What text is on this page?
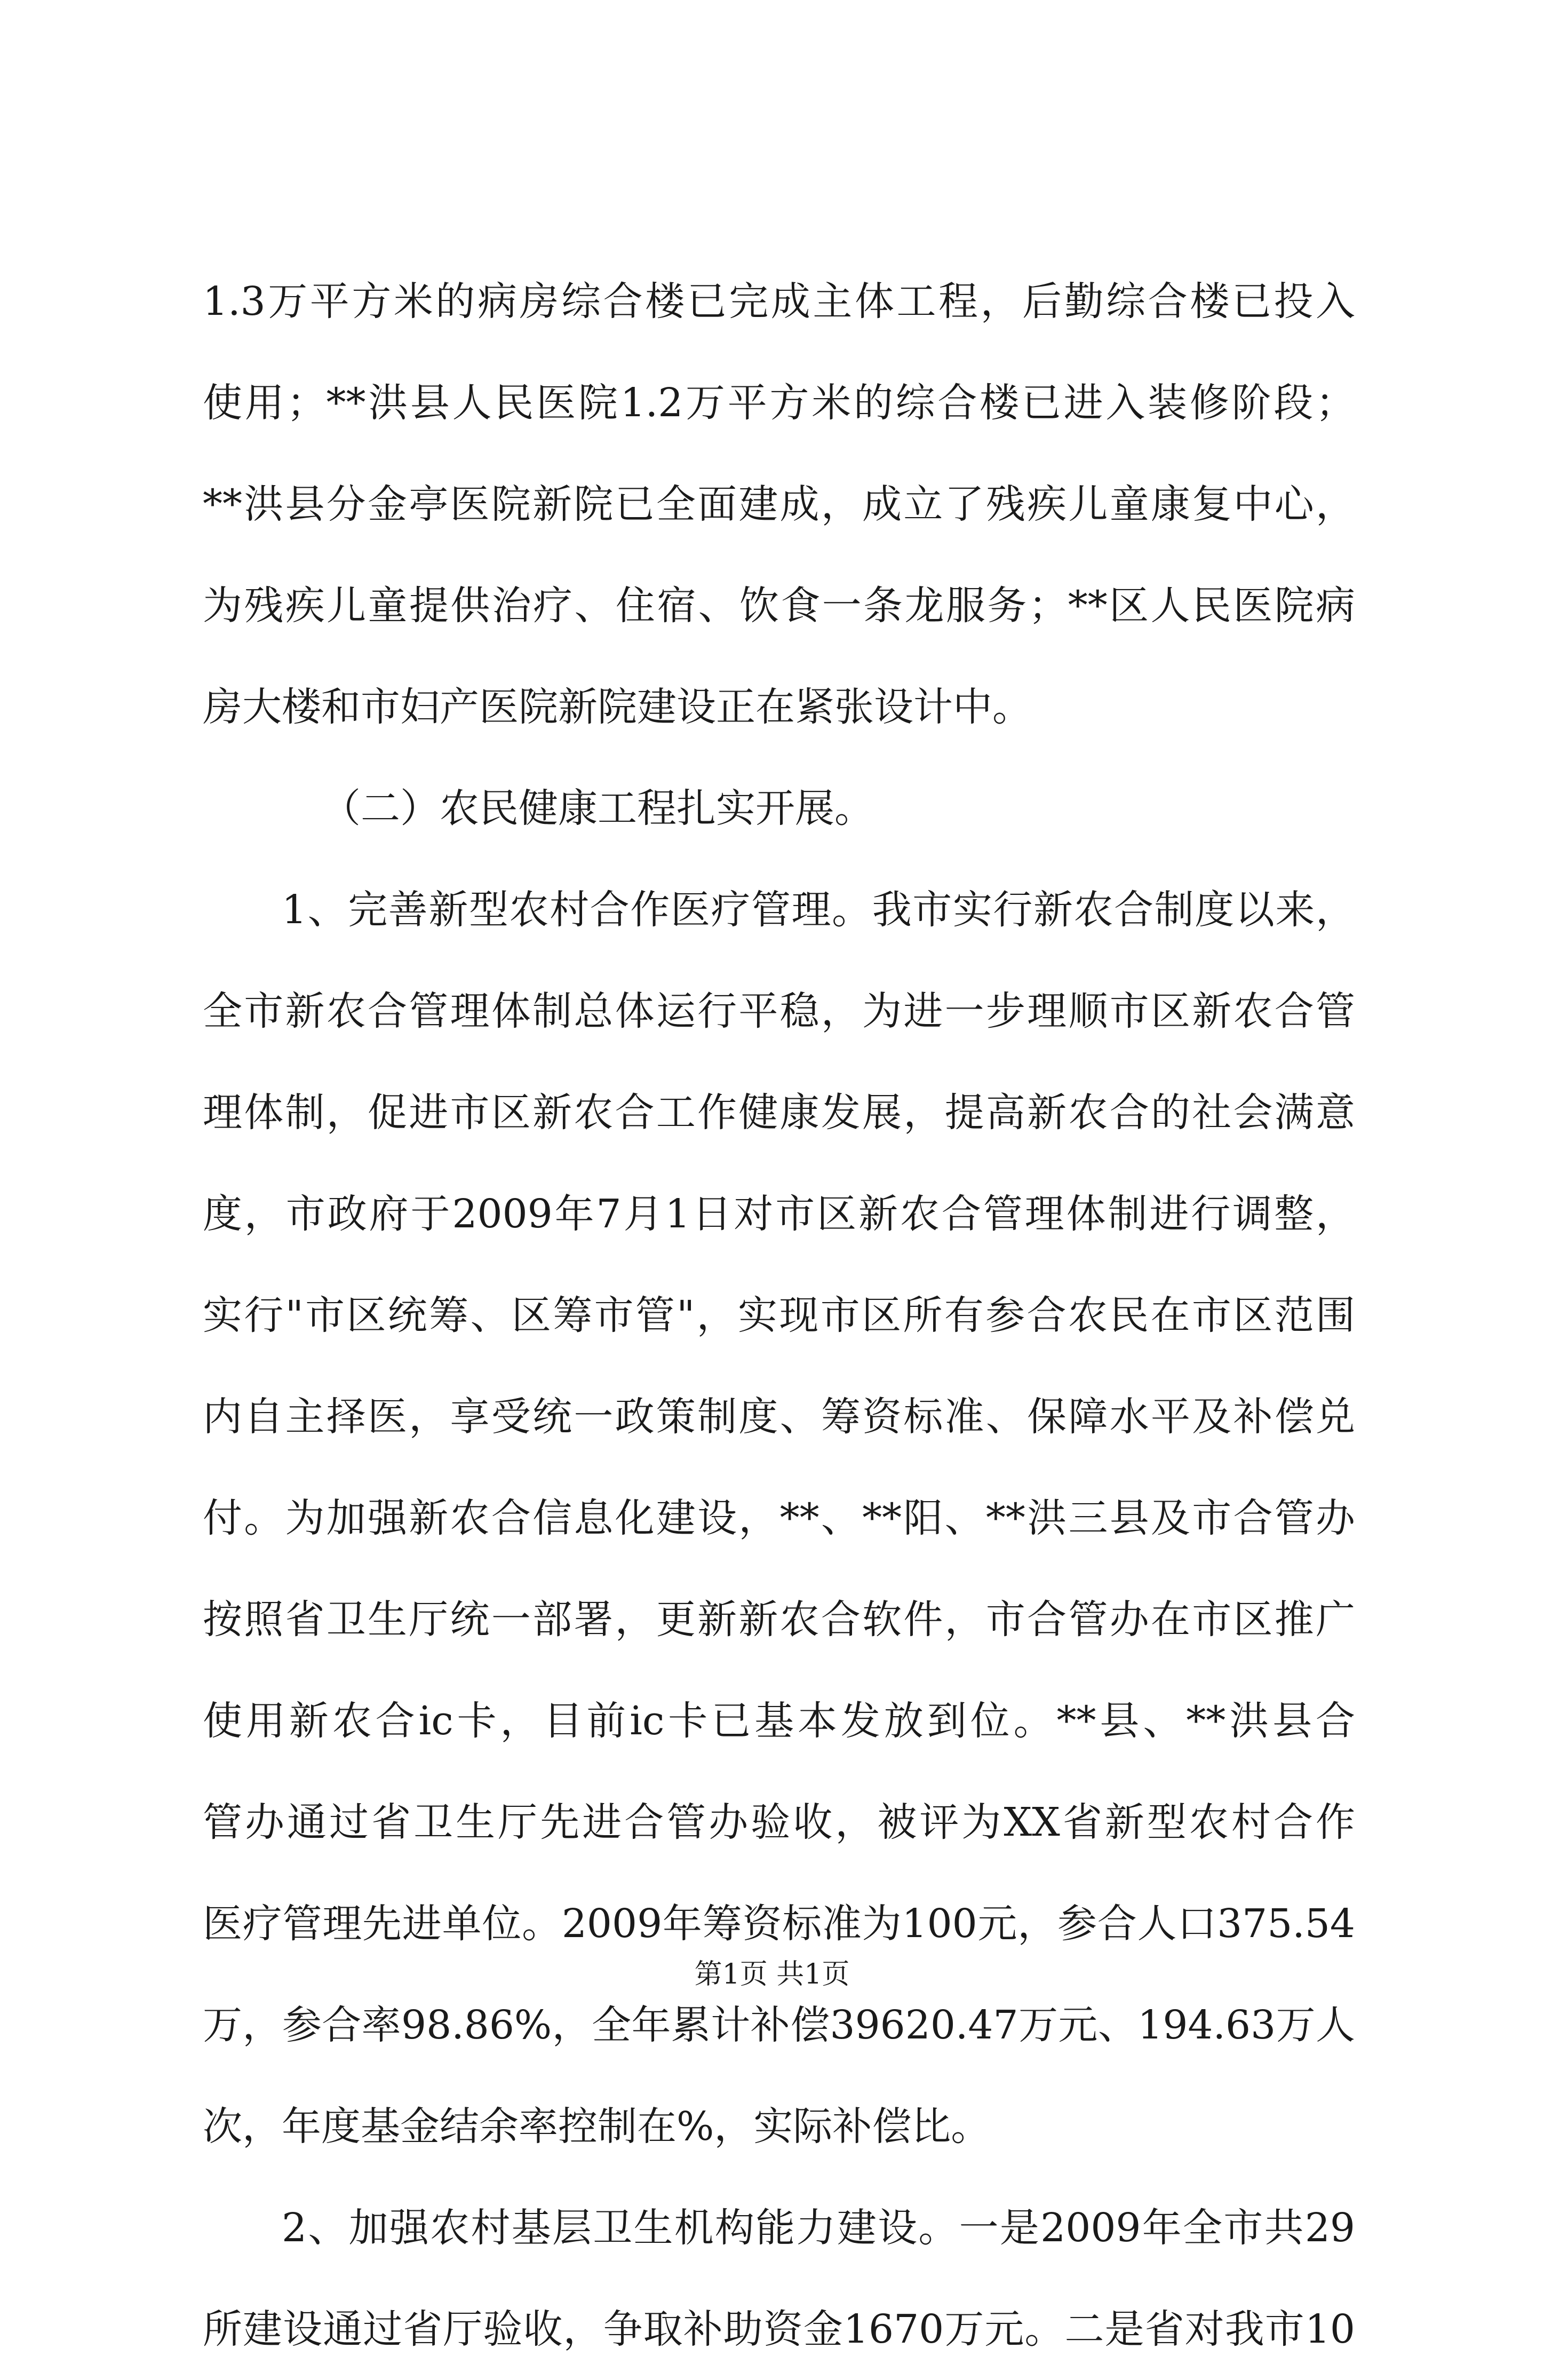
1.3万平方米的病房综合楼已完成主体工程，后勤综合楼已投入
使用；**洪县人民医院1.2万平方米的综合楼已进入装修阶段；
**洪县分金亭医院新院已全面建成，成立了残疾儿童康复中心，
为残疾儿童提供治疗、住宿、饮食一条龙服务；**区人民医院病
房大楼和市妇产医院新院建设正在紧张设计中。
（二）农民健康工程扎实开展。
1、完善新型农村合作医疗管理。我市实行新农合制度以来，
全市新农合管理体制总体运行平稳，为进一步理顺市区新农合管
理体制，促进市区新农合工作健康发展，提高新农合的社会满意
度，市政府于2009年7月1日对市区新农合管理体制进行调整，
实行"市区统筹、区筹市管"，实现市区所有参合农民在市区范围
内自主择医，享受统一政策制度、筹资标准、保障水平及补偿兑
付。为加强新农合信息化建设，**、**阳、**洪三县及市合管办
按照省卫生厅统一部署，更新新农合软件，市合管办在市区推广
使用新农合ic卡，目前ic卡已基本发放到位。**县、**洪县合
管办通过省卫生厅先进合管办验收，被评为XX省新型农村合作
医疗管理先进单位。2009年筹资标准为100元，参合人口375.54
万，参合率98.86%，全年累计补偿39620.47万元、194.63万人
次，年度基金结余率控制在%，实际补偿比。
2、加强农村基层卫生机构能力建设。一是2009年全市共29
所建设通过省厅验收，争取补助资金1670万元。二是省对我市10
第1页 共1页
